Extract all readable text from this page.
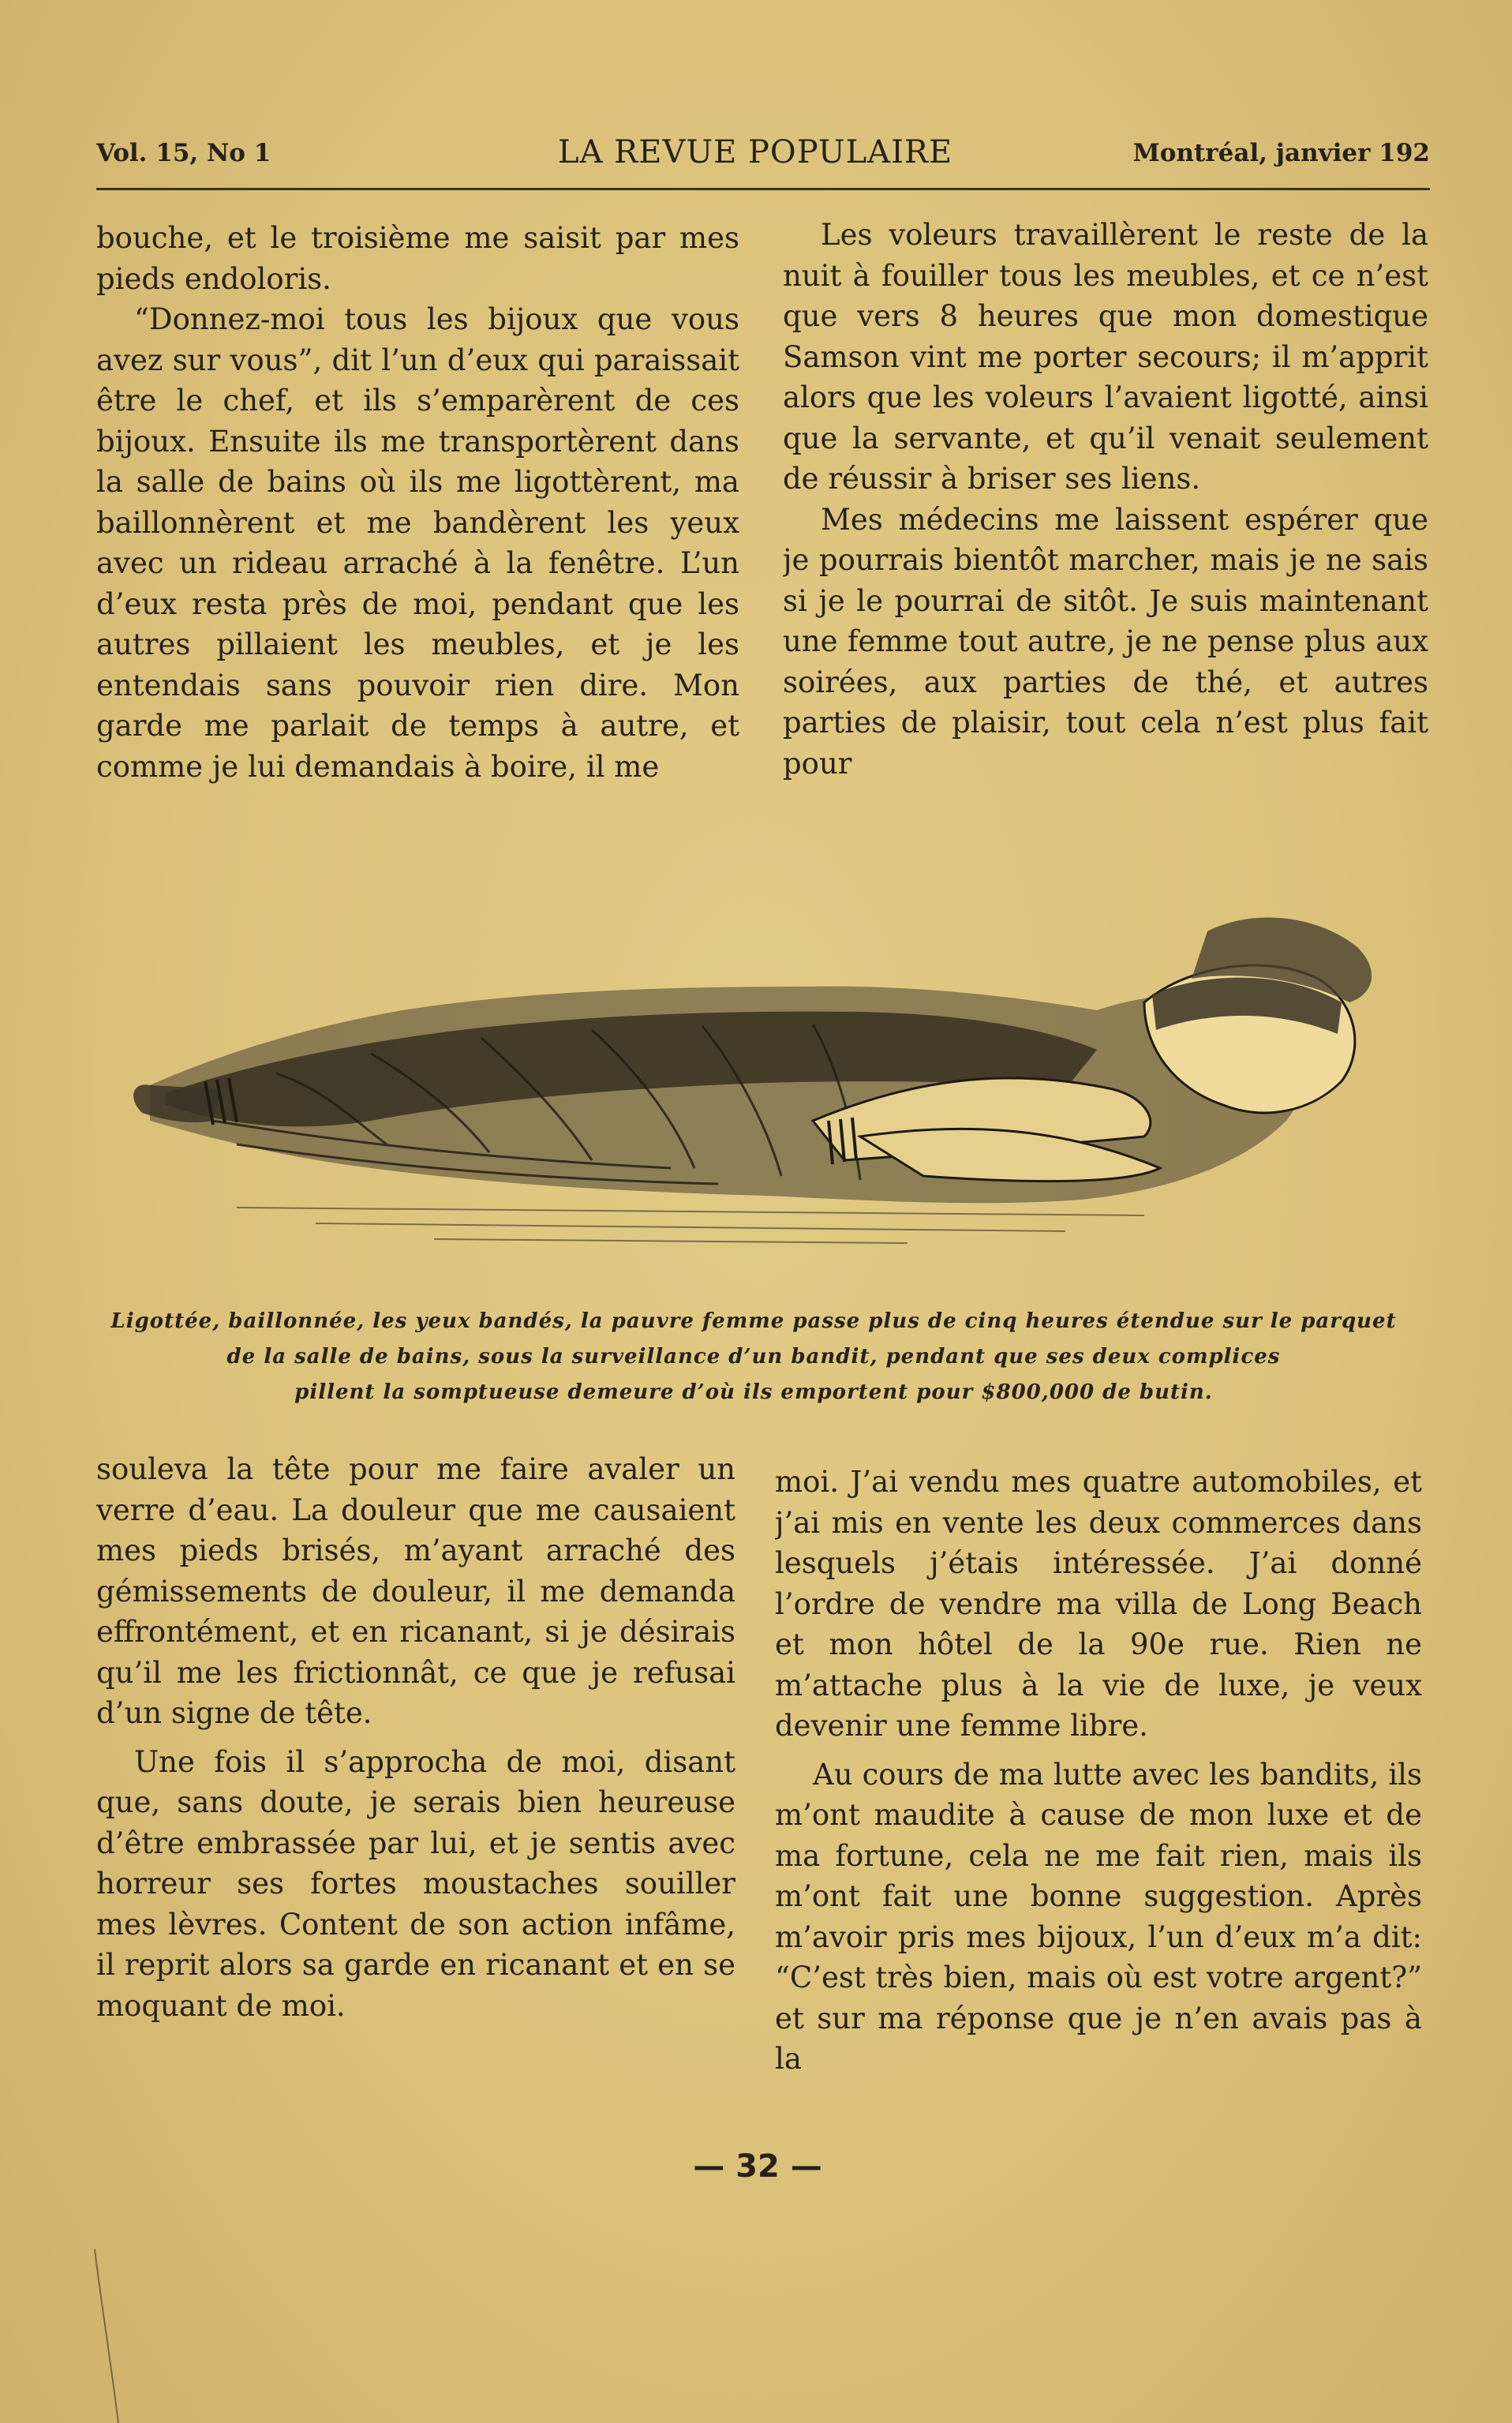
Vol. 15, No 1	LA REVUE POPULAIRE	Montréal, janvier 192

bouche, et le troisième me saisit par mes pieds endoloris.

“Donnez-moi tous les bijoux que vous avez sur vous”, dit l’un d’eux qui paraissait être le chef, et ils s’emparèrent de ces bijoux. Ensuite ils me transportèrent dans la salle de bains où ils me ligottèrent, ma baillonnèrent et me bandèrent les yeux avec un rideau arraché à la fenêtre. L’un d’eux resta près de moi, pendant que les autres pillaient les meubles, et je les entendais sans pouvoir rien dire. Mon garde me parlait de temps à autre, et comme je lui demandais à boire, il me

Les voleurs travaillèrent le reste de la nuit à fouiller tous les meubles, et ce n’est que vers 8 heures que mon domestique Samson vint me porter secours; il m’apprit alors que les voleurs l’avaient ligotté, ainsi que la servante, et qu’il venait seulement de réussir à briser ses liens.

Mes médecins me laissent espérer que je pourrais bientôt marcher, mais je ne sais si je le pourrai de sitôt. Je suis maintenant une femme tout autre, je ne pense plus aux soirées, aux parties de thé, et autres parties de plaisir, tout cela n’est plus fait pour

Ligottée, baillonnée, les yeux bandés, la pauvre femme passe plus de cinq heures étendue sur le parquet
de la salle de bains, sous la surveillance d’un bandit, pendant que ses deux complices
pillent la somptueuse demeure d’où ils emportent pour $800,000 de butin.

souleva la tête pour me faire avaler un verre d’eau. La douleur que me causaient mes pieds brisés, m’ayant arraché des gémissements de douleur, il me demanda effrontément, et en ricanant, si je désirais qu’il me les frictionnât, ce que je refusai d’un signe de tête.

Une fois il s’approcha de moi, disant que, sans doute, je serais bien heureuse d’être embrassée par lui, et je sentis avec horreur ses fortes moustaches souiller mes lèvres. Content de son action infâme, il reprit alors sa garde en ricanant et en se moquant de moi.

moi. J’ai vendu mes quatre automobiles, et j’ai mis en vente les deux commerces dans lesquels j’étais intéressée. J’ai donné l’ordre de vendre ma villa de Long Beach et mon hôtel de la 90e rue. Rien ne m’attache plus à la vie de luxe, je veux devenir une femme libre.

Au cours de ma lutte avec les bandits, ils m’ont maudite à cause de mon luxe et de ma fortune, cela ne me fait rien, mais ils m’ont fait une bonne suggestion. Après m’avoir pris mes bijoux, l’un d’eux m’a dit: “C’est très bien, mais où est votre argent?” et sur ma réponse que je n’en avais pas à la

— 32 —
